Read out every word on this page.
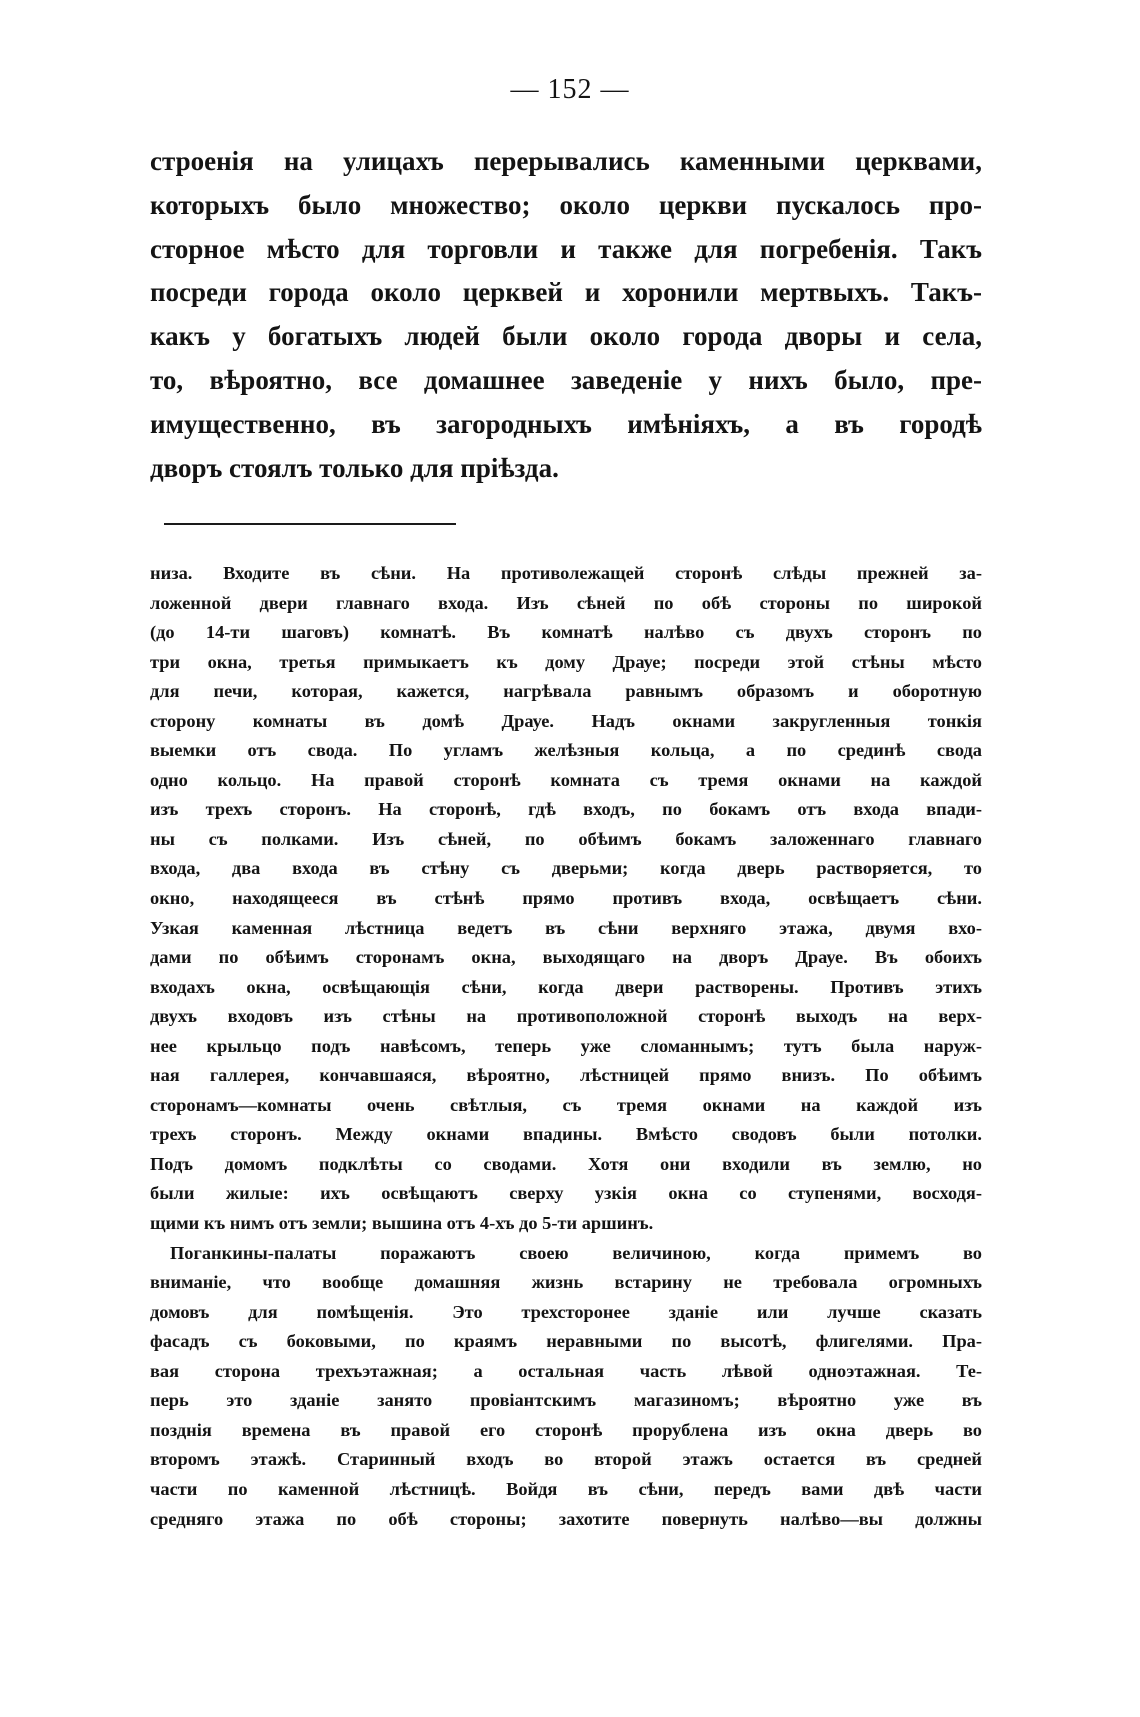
— 152 —
строенія на улицахъ перерывались каменными церквами,
которыхъ было множество; около церкви пускалось про-
сторное мѣсто для торговли и также для погребенія. Такъ
посреди города около церквей и хоронили мертвыхъ. Такъ-
какъ у богатыхъ людей были около города дворы и села,
то, вѣроятно, все домашнее заведеніе у нихъ было, пре-
имущественно, въ загородныхъ имѣніяхъ, а въ городѣ
дворъ стоялъ только для пріѣзда.
низа. Входите въ сѣни. На противолежащей сторонѣ слѣды прежней за-
ложенной двери главнаго входа. Изъ сѣней по обѣ стороны по широкой
(до 14-ти шаговъ) комнатѣ. Въ комнатѣ налѣво съ двухъ сторонъ по
три окна, третья примыкаетъ къ дому Драуе; посреди этой стѣны мѣсто
для печи, которая, кажется, нагрѣвала равнымъ образомъ и оборотную
сторону комнаты въ домѣ Драуе. Надъ окнами закругленныя тонкія
выемки отъ свода. По угламъ желѣзныя кольца, а по срединѣ свода
одно кольцо. На правой сторонѣ комната съ тремя окнами на каждой
изъ трехъ сторонъ. На сторонѣ, гдѣ входъ, по бокамъ отъ входа впади-
ны съ полками. Изъ сѣней, по обѣимъ бокамъ заложеннаго главнаго
входа, два входа въ стѣну съ дверьми; когда дверь растворяется, то
окно, находящееся въ стѣнѣ прямо противъ входа, освѣщаетъ сѣни.
Узкая каменная лѣстница ведетъ въ сѣни верхняго этажа, двумя вхо-
дами по обѣимъ сторонамъ окна, выходящаго на дворъ Драуе. Въ обоихъ
входахъ окна, освѣщающія сѣни, когда двери растворены. Противъ этихъ
двухъ входовъ изъ стѣны на противоположной сторонѣ выходъ на верх-
нее крыльцо подъ навѣсомъ, теперь уже сломаннымъ; тутъ была наруж-
ная галлерея, кончавшаяся, вѣроятно, лѣстницей прямо внизъ. По обѣимъ
сторонамъ—комнаты очень свѣтлыя, съ тремя окнами на каждой изъ
трехъ сторонъ. Между окнами впадины. Вмѣсто сводовъ были потолки.
Подъ домомъ подклѣты со сводами. Хотя они входили въ землю, но
были жилые: ихъ освѣщаютъ сверху узкія окна со ступенями, восходя-
щими къ нимъ отъ земли; вышина отъ 4-хъ до 5-ти аршинъ.
Поганкины-палаты поражаютъ своею величиною, когда примемъ во
вниманіе, что вообще домашняя жизнь встарину не требовала огромныхъ
домовъ для помѣщенія. Это трехсторонее зданіе или лучше сказать
фасадъ съ боковыми, по краямъ неравными по высотѣ, флигелями. Пра-
вая сторона трехъэтажная; а остальная часть лѣвой одноэтажная. Те-
перь это зданіе занято провіантскимъ магазиномъ; вѣроятно уже въ
позднія времена въ правой его сторонѣ прорублена изъ окна дверь во
второмъ этажѣ. Старинный входъ во второй этажъ остается въ средней
части по каменной лѣстницѣ. Войдя въ сѣни, передъ вами двѣ части
средняго этажа по обѣ стороны; захотите повернуть налѣво—вы должны
